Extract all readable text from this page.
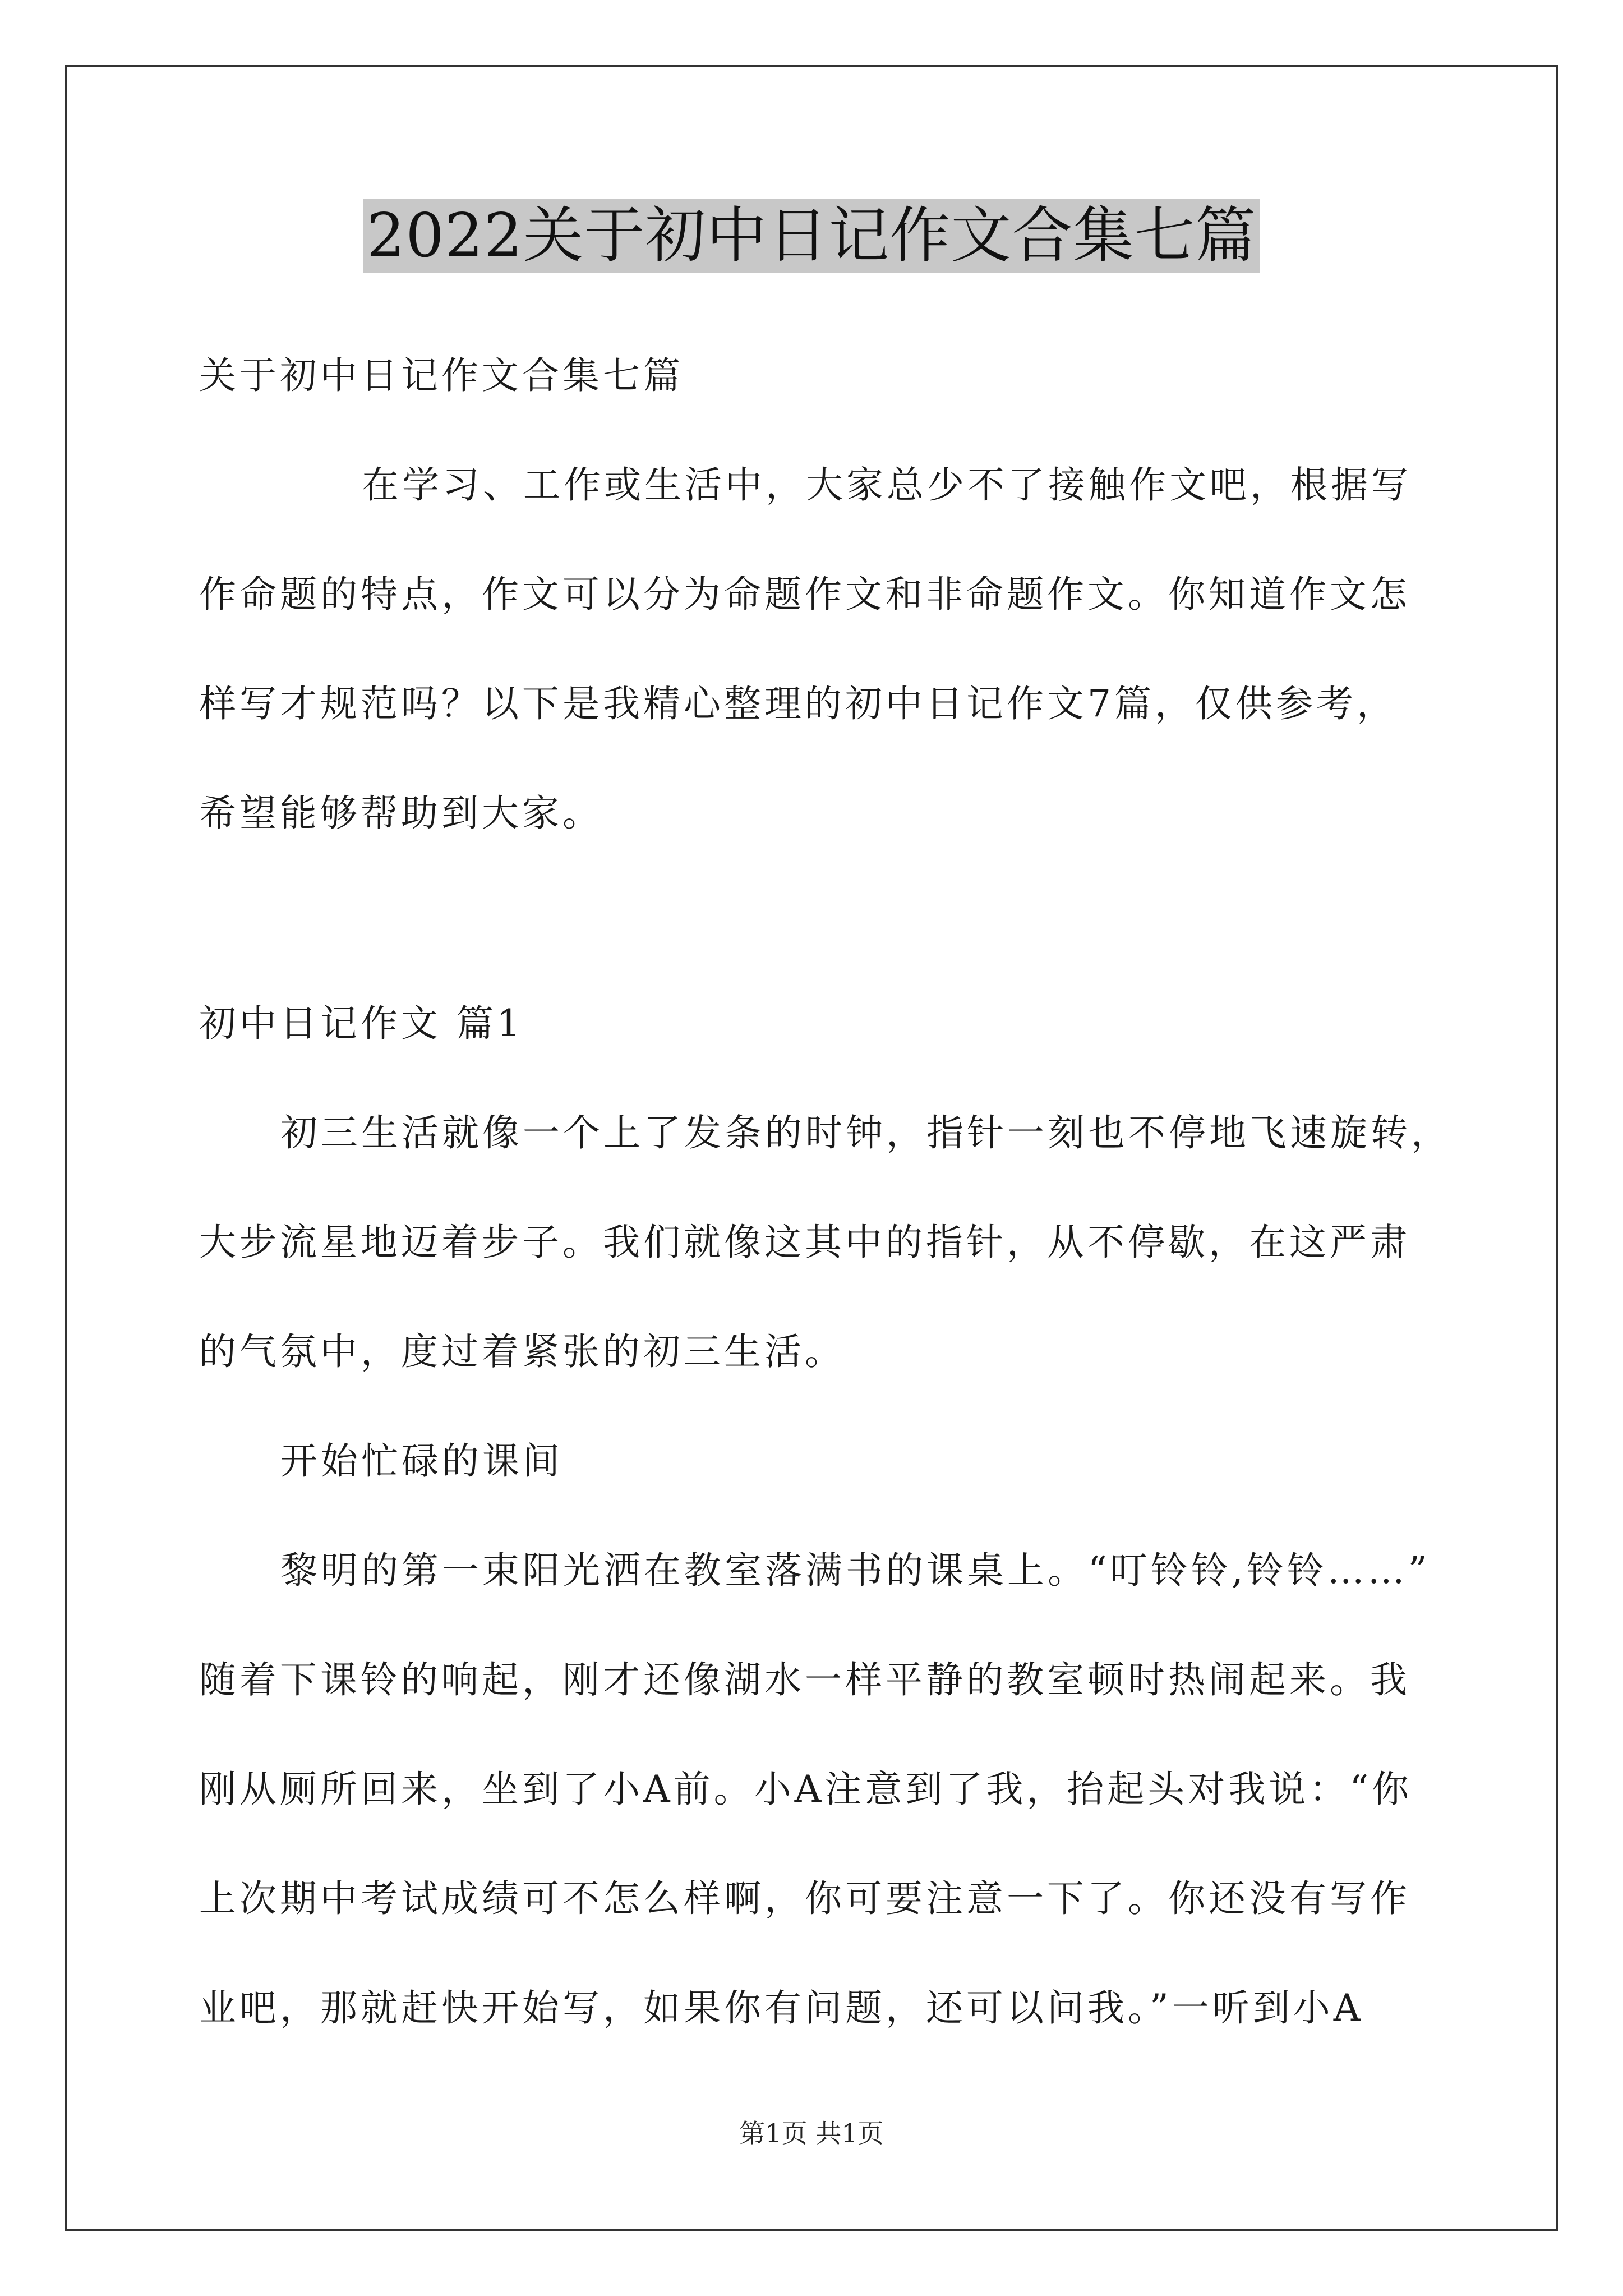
2022关于初中日记作文合集七篇
关于初中日记作文合集七篇
在学习、工作或生活中，大家总少不了接触作文吧，根据写
作命题的特点，作文可以分为命题作文和非命题作文。你知道作文怎
样写才规范吗？以下是我精心整理的初中日记作文7篇，仅供参考，
希望能够帮助到大家。
初中日记作文 篇1
初三生活就像一个上了发条的时钟，指针一刻也不停地飞速旋转，
大步流星地迈着步子。我们就像这其中的指针，从不停歇，在这严肃
的气氛中，度过着紧张的初三生活。
开始忙碌的课间
黎明的第一束阳光洒在教室落满书的课桌上。“叮铃铃,铃铃……”
随着下课铃的响起，刚才还像湖水一样平静的教室顿时热闹起来。我
刚从厕所回来，坐到了小A前。小A注意到了我，抬起头对我说：“你
上次期中考试成绩可不怎么样啊，你可要注意一下了。你还没有写作
业吧，那就赶快开始写，如果你有问题，还可以问我。”一听到小A
第1页 共1页
